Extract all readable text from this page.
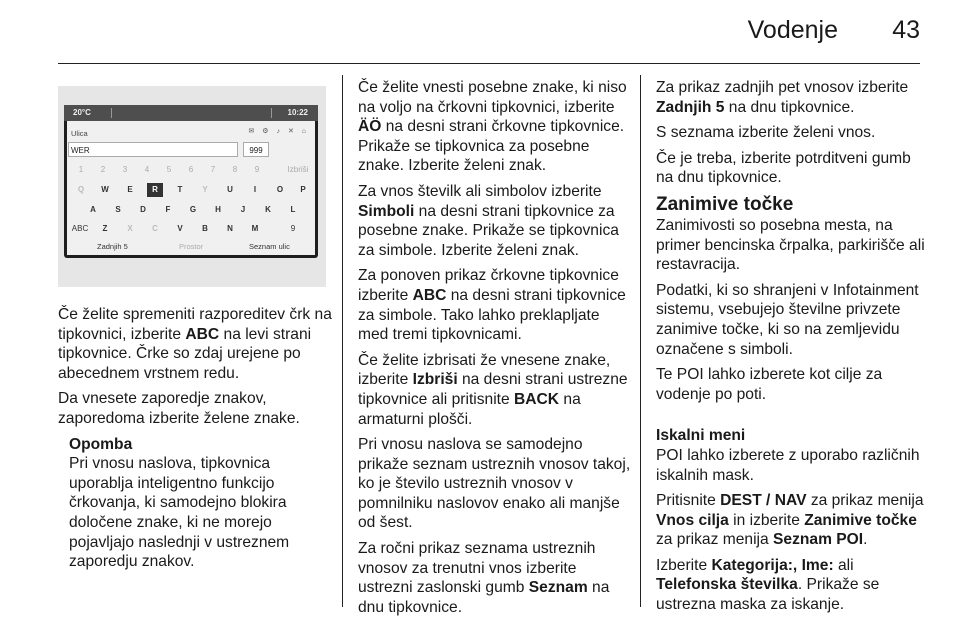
Vodenje 43
20°C	10:22
Ulica	✉ ⚙ ♪ ✕ ⌂
WER	999
1	2	3	4	5	6	7	8	9	Izbriši
Q	W	E	R	T	Y	U	I	O	P
A	S	D	F	G	H	J	K	L
ABC	Z	X	C	V	B	N	M	9
Zadnjih 5	Prostor	Seznam ulic

Če želite spremeniti razporeditev črk na tipkovnici, izberite ABC na levi strani tipkovnice. Črke so zdaj urejene po abecednem vrstnem redu.

Da vnesete zaporedje znakov, zaporedoma izberite želene znake.

Opomba
Pri vnosu naslova, tipkovnica uporablja inteligentno funkcijo črkovanja, ki samodejno blokira določene znake, ki ne morejo pojavljajo naslednji v ustreznem zaporedju znakov.

Če želite vnesti posebne znake, ki niso na voljo na črkovni tipkovnici, izberite ÄÖ na desni strani črkovne tipkovnice. Prikaže se tipkovnica za posebne znake. Izberite želeni znak.

Za vnos številk ali simbolov izberite Simboli na desni strani tipkovnice za posebne znake. Prikaže se tipkovnica za simbole. Izberite želeni znak.

Za ponoven prikaz črkovne tipkovnice izberite ABC na desni strani tipkovnice za simbole. Tako lahko preklapljate med tremi tipkovnicami.

Če želite izbrisati že vnesene znake, izberite Izbriši na desni strani ustrezne tipkovnice ali pritisnite BACK na armaturni plošči.

Pri vnosu naslova se samodejno prikaže seznam ustreznih vnosov takoj, ko je število ustreznih vnosov v pomnilniku naslovov enako ali manjše od šest.

Za ročni prikaz seznama ustreznih vnosov za trenutni vnos izberite ustrezni zaslonski gumb Seznam na dnu tipkovnice.

Za prikaz zadnjih pet vnosov izberite Zadnjih 5 na dnu tipkovnice.

S seznama izberite želeni vnos.

Če je treba, izberite potrditveni gumb na dnu tipkovnice.

Zanimive točke

Zanimivosti so posebna mesta, na primer bencinska črpalka, parkirišče ali restavracija.

Podatki, ki so shranjeni v Infotainment sistemu, vsebujejo številne privzete zanimive točke, ki so na zemljevidu označene s simboli.

Te POI lahko izberete kot cilje za vodenje po poti.

Iskalni meni

POI lahko izberete z uporabo različnih iskalnih mask.

Pritisnite DEST / NAV za prikaz menija Vnos cilja in izberite Zanimive točke za prikaz menija Seznam POI.

Izberite Kategorija:, Ime: ali Telefonska številka. Prikaže se ustrezna maska za iskanje.
